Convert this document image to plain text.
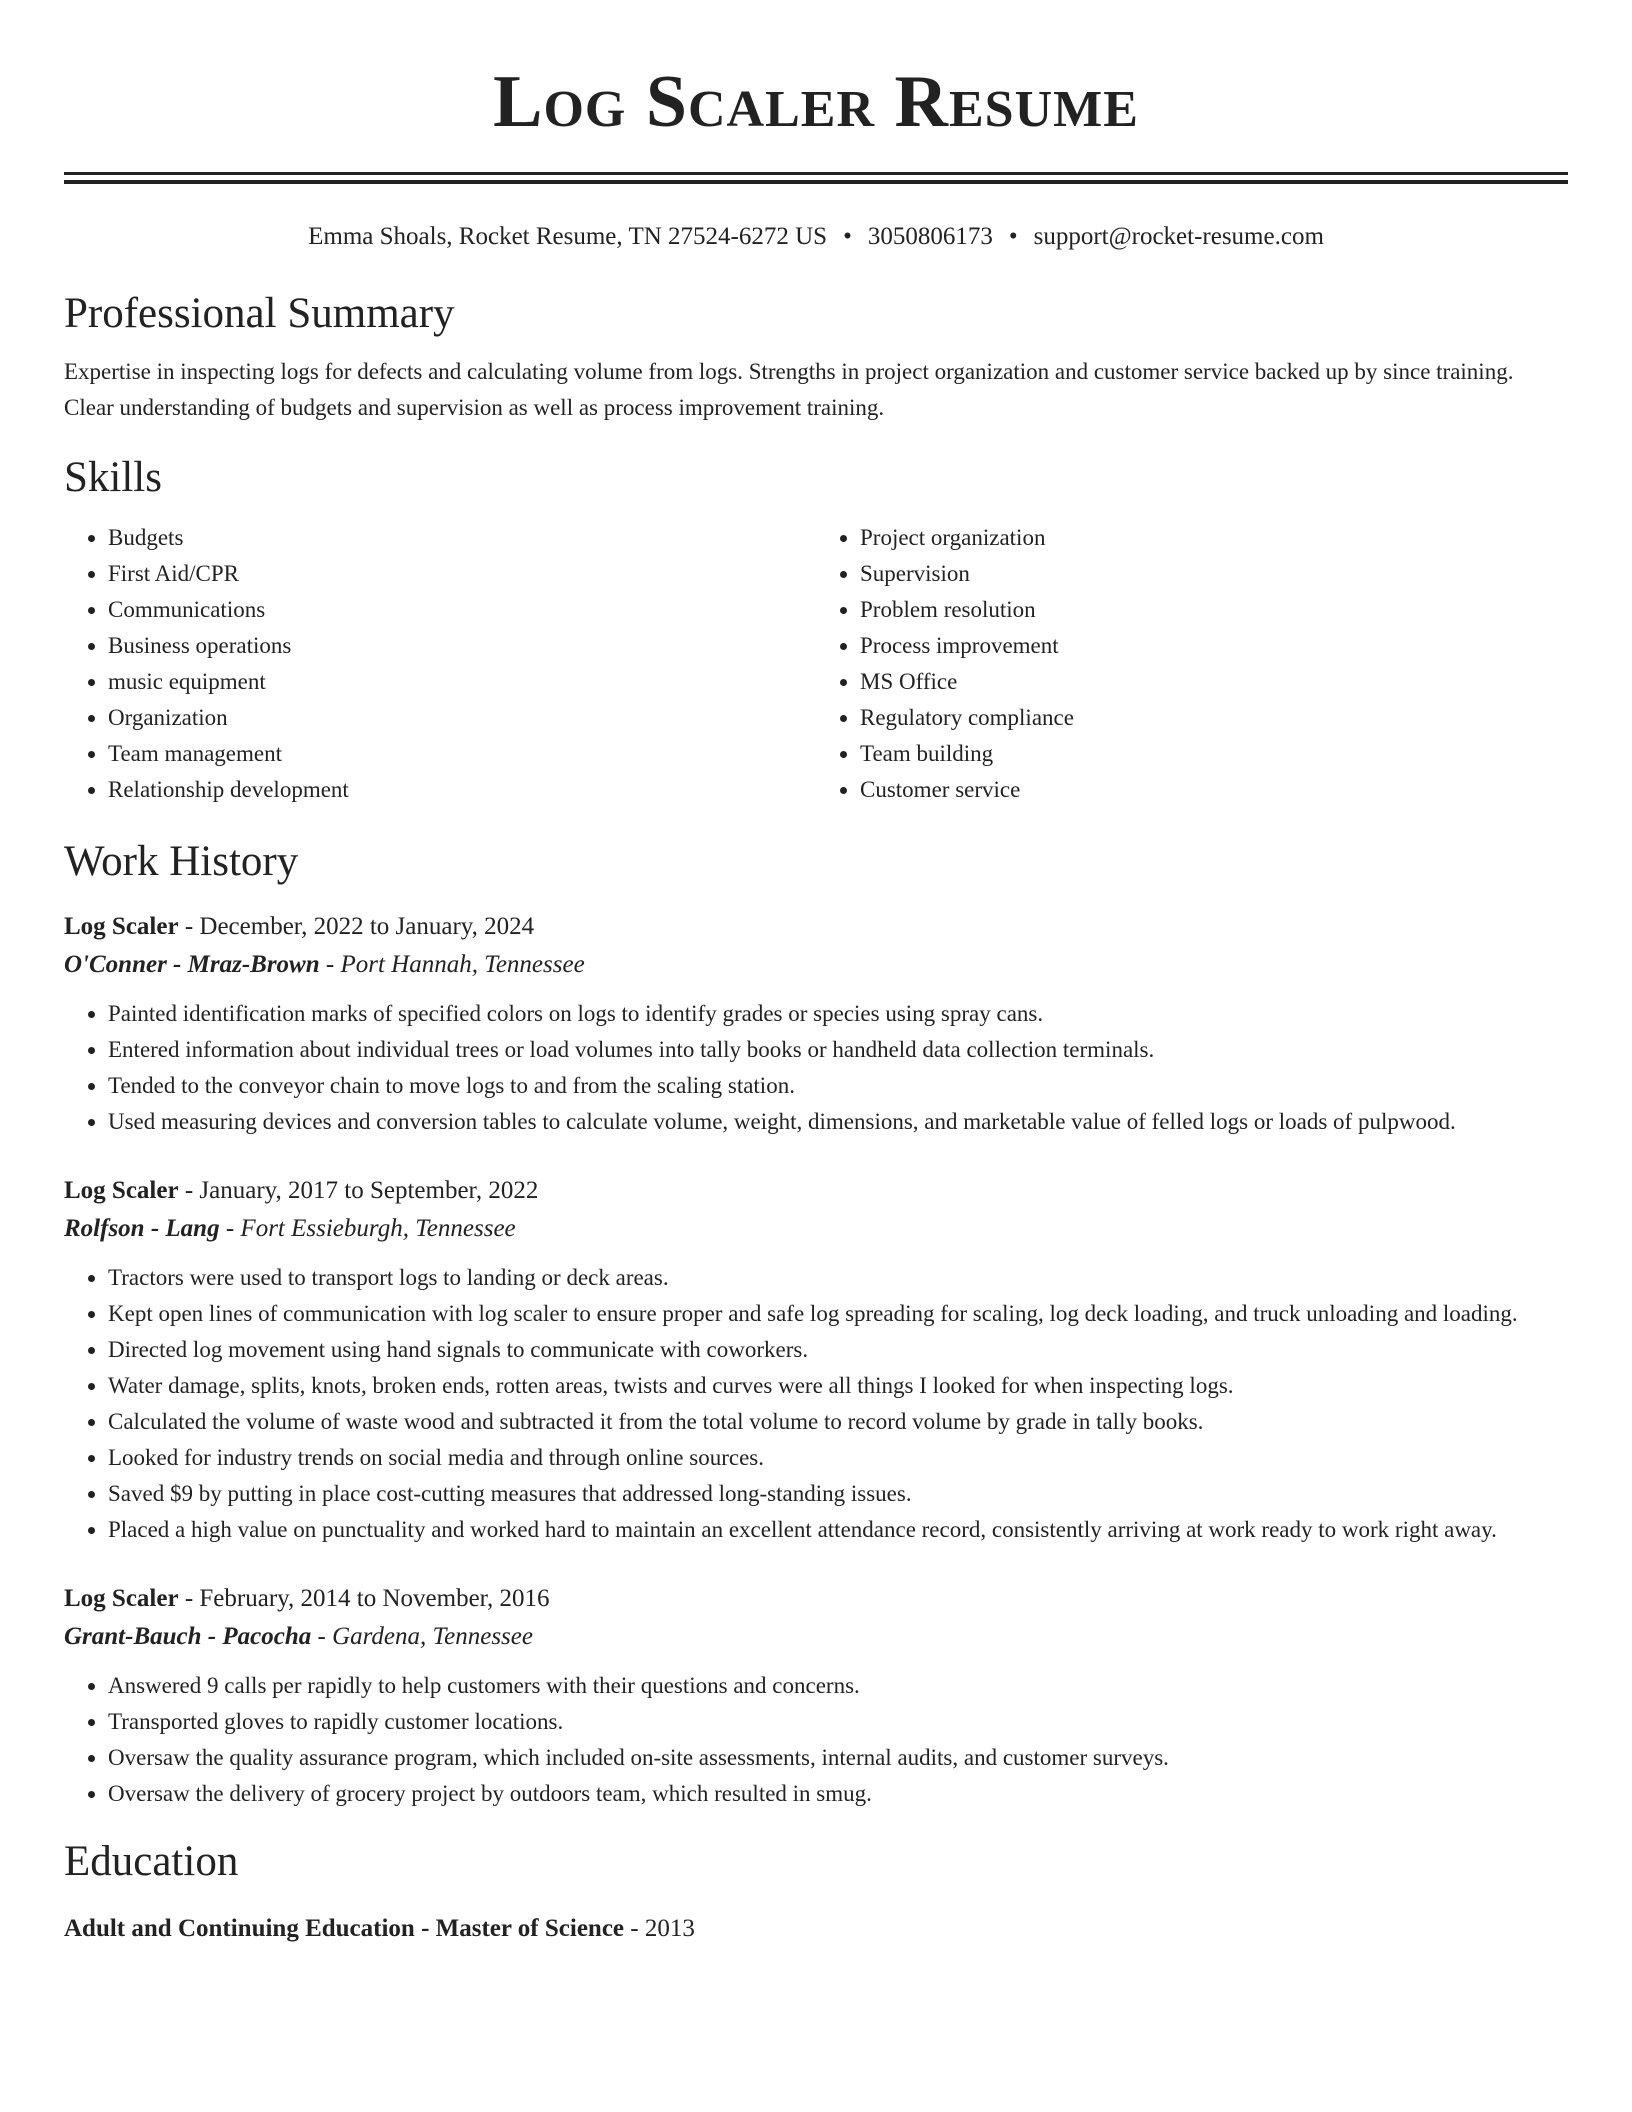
Log Scaler Resume
Emma Shoals, Rocket Resume, TN 27524-6272 US • 3050806173 • support@rocket-resume.com
Professional Summary

Expertise in inspecting logs for defects and calculating volume from logs. Strengths in project organization and customer service backed up by since training. Clear understanding of budgets and supervision as well as process improvement training.

Skills
• Budgets
• First Aid/CPR
• Communications
• Business operations
• music equipment
• Organization
• Team management
• Relationship development
• Project organization
• Supervision
• Problem resolution
• Process improvement
• MS Office
• Regulatory compliance
• Team building
• Customer service
Work History
Log Scaler - December, 2022 to January, 2024
O'Conner - Mraz-Brown - Port Hannah, Tennessee
• Painted identification marks of specified colors on logs to identify grades or species using spray cans.
• Entered information about individual trees or load volumes into tally books or handheld data collection terminals.
• Tended to the conveyor chain to move logs to and from the scaling station.
• Used measuring devices and conversion tables to calculate volume, weight, dimensions, and marketable value of felled logs or loads of pulpwood.
Log Scaler - January, 2017 to September, 2022
Rolfson - Lang - Fort Essieburgh, Tennessee
• Tractors were used to transport logs to landing or deck areas.
• Kept open lines of communication with log scaler to ensure proper and safe log spreading for scaling, log deck loading, and truck unloading and loading.
• Directed log movement using hand signals to communicate with coworkers.
• Water damage, splits, knots, broken ends, rotten areas, twists and curves were all things I looked for when inspecting logs.
• Calculated the volume of waste wood and subtracted it from the total volume to record volume by grade in tally books.
• Looked for industry trends on social media and through online sources.
• Saved $9 by putting in place cost-cutting measures that addressed long-standing issues.
• Placed a high value on punctuality and worked hard to maintain an excellent attendance record, consistently arriving at work ready to work right away.
Log Scaler - February, 2014 to November, 2016
Grant-Bauch - Pacocha - Gardena, Tennessee
• Answered 9 calls per rapidly to help customers with their questions and concerns.
• Transported gloves to rapidly customer locations.
• Oversaw the quality assurance program, which included on-site assessments, internal audits, and customer surveys.
• Oversaw the delivery of grocery project by outdoors team, which resulted in smug.
Education
Adult and Continuing Education - Master of Science - 2013
